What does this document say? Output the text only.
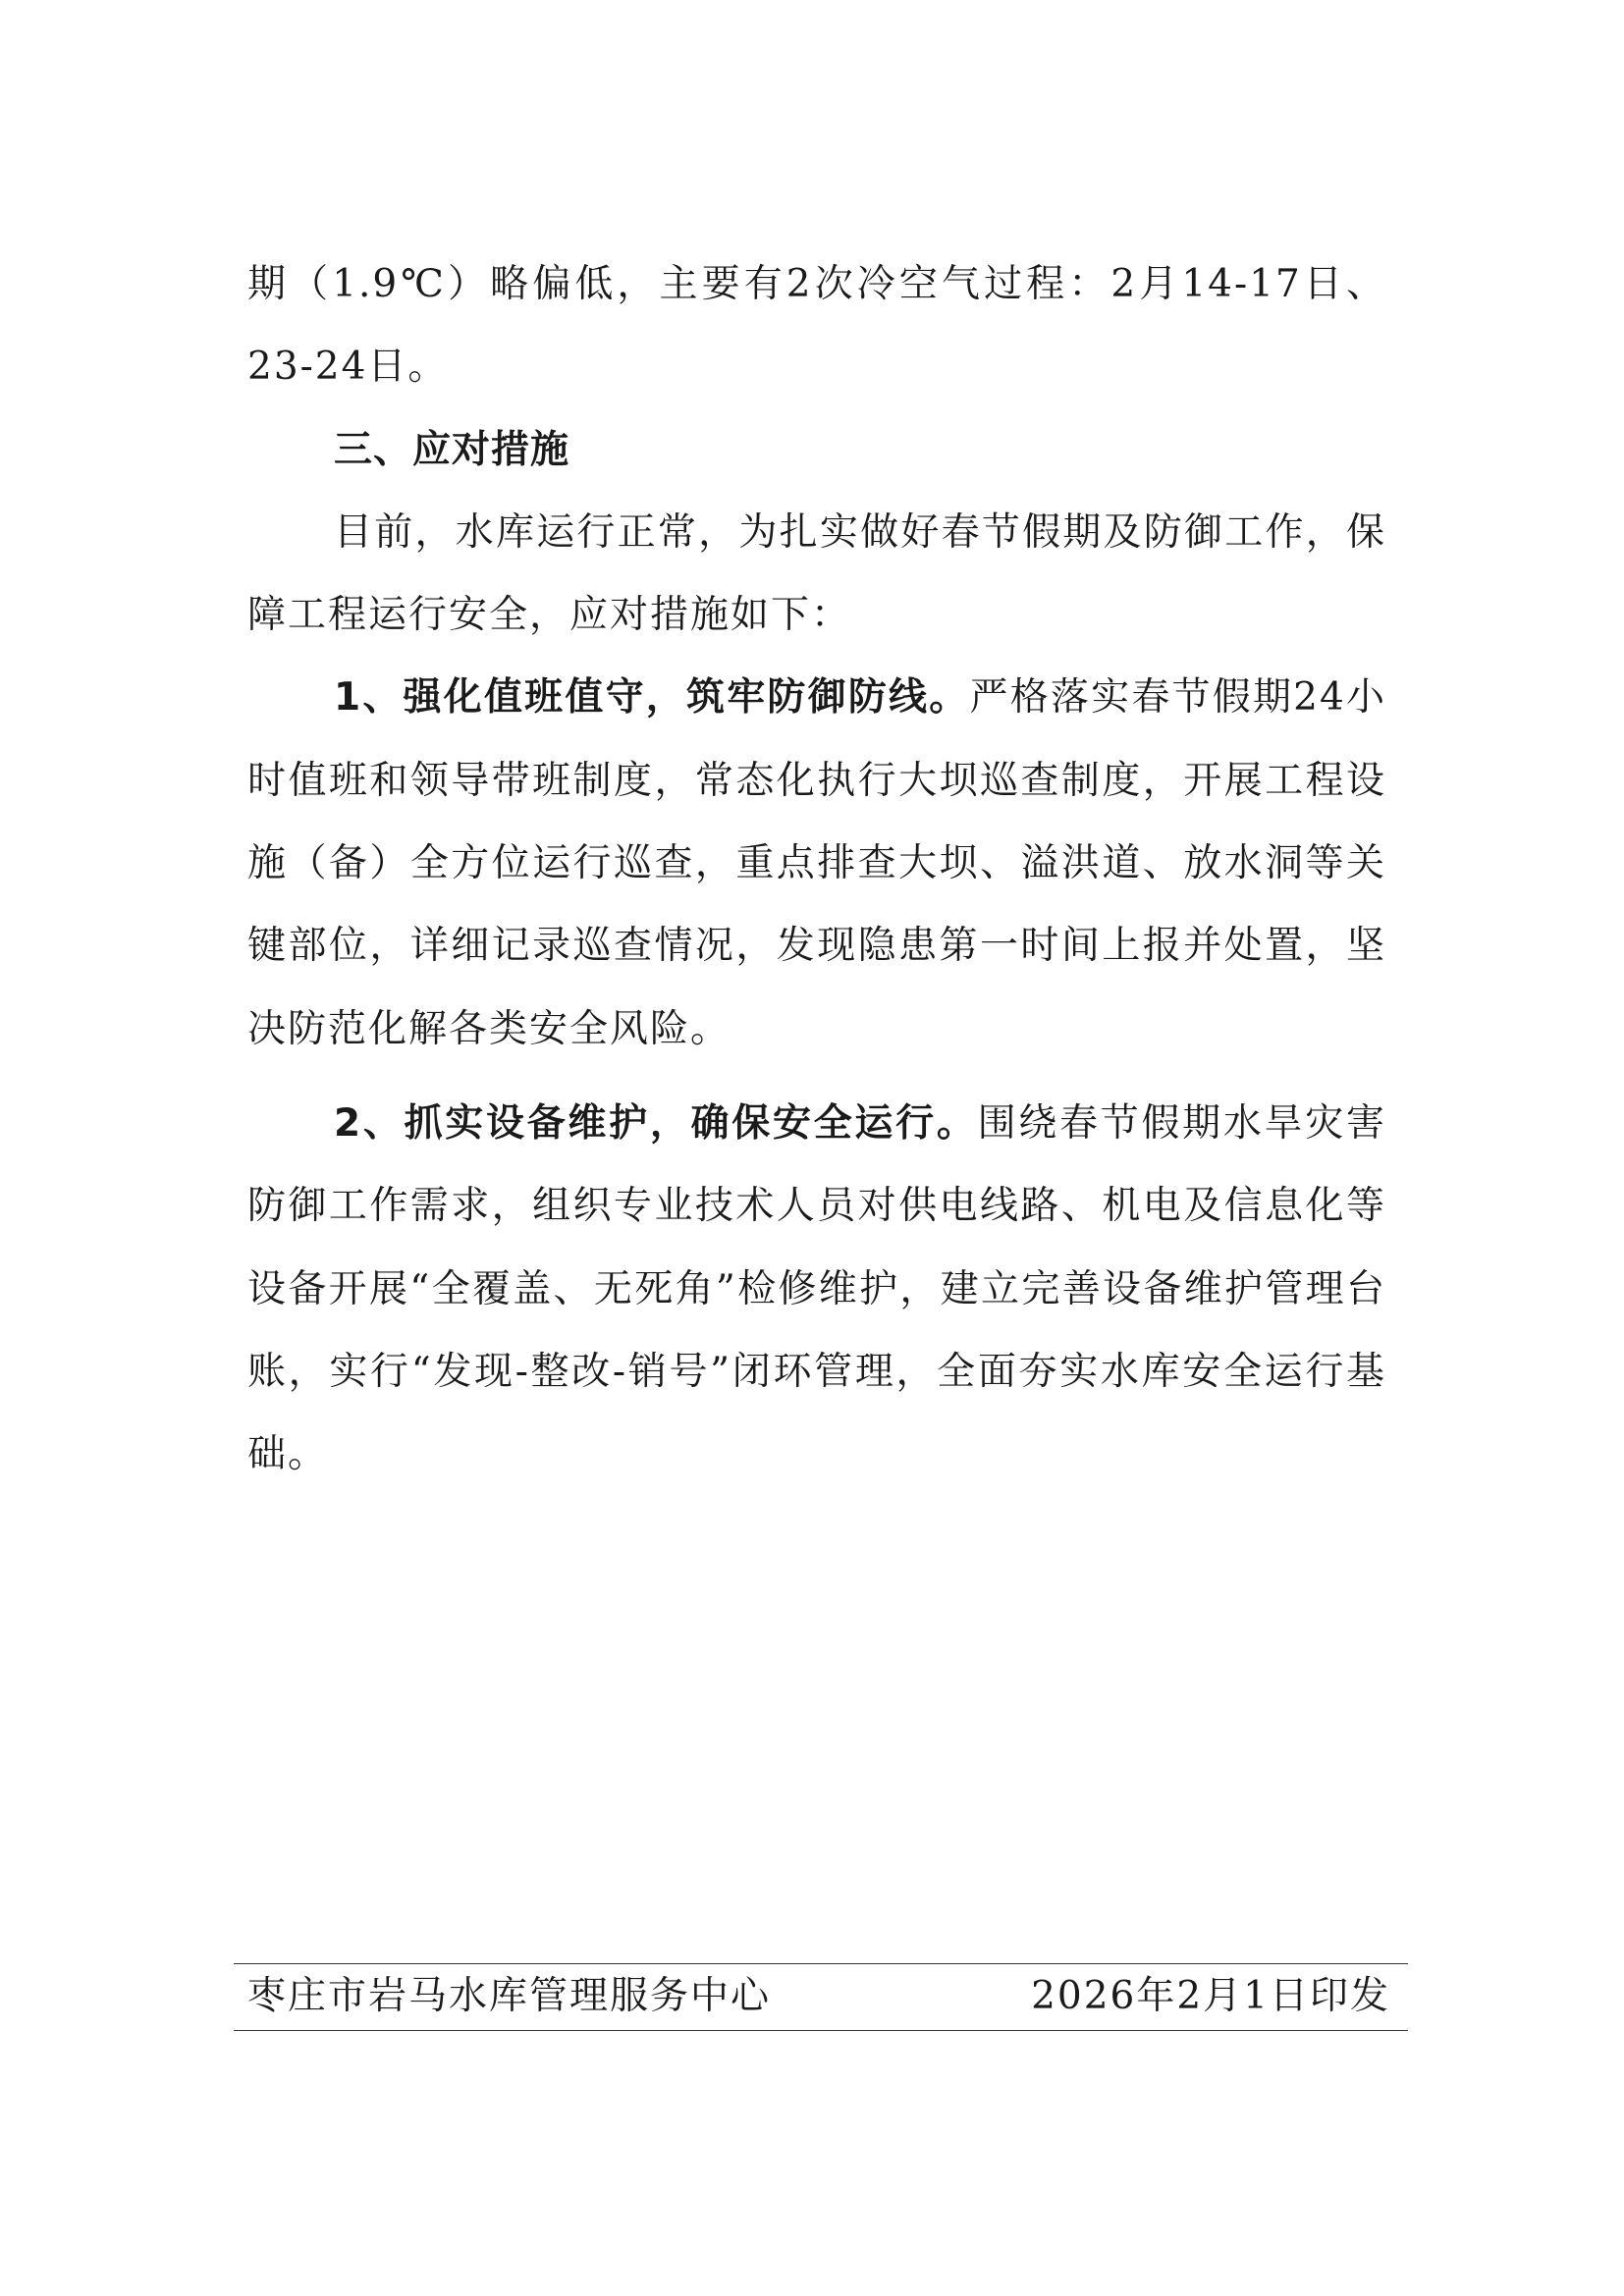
期（1.9℃）略偏低，主要有2次冷空气过程：2月14-17日、23-24日。

三、应对措施

目前，水库运行正常，为扎实做好春节假期及防御工作，保障工程运行安全，应对措施如下：

1、强化值班值守，筑牢防御防线。严格落实春节假期24小时值班和领导带班制度，常态化执行大坝巡查制度，开展工程设施（备）全方位运行巡查，重点排查大坝、溢洪道、放水洞等关键部位，详细记录巡查情况，发现隐患第一时间上报并处置，坚决防范化解各类安全风险。

2、抓实设备维护，确保安全运行。围绕春节假期水旱灾害防御工作需求，组织专业技术人员对供电线路、机电及信息化等设备开展“全覆盖、无死角”检修维护，建立完善设备维护管理台账，实行“发现-整改-销号”闭环管理，全面夯实水库安全运行基础。

枣庄市岩马水库管理服务中心	2026年2月1日印发
